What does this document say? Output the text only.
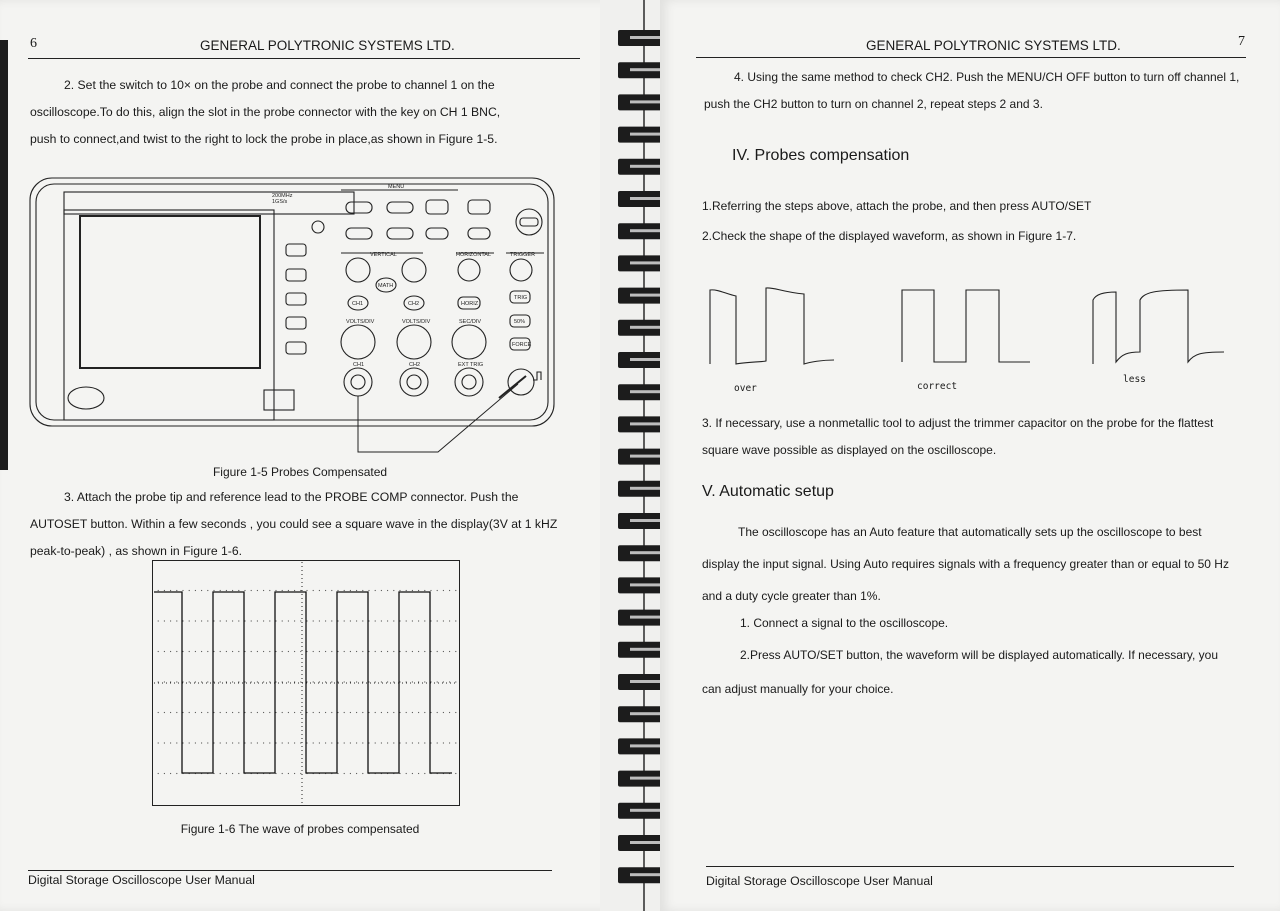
6	GENERAL POLYTRONIC SYSTEMS LTD.
2. Set the switch to 10× on the probe and connect the probe to channel 1 on the
oscilloscope.To do this, align the slot in the probe connector with the key on CH 1 BNC,
push to connect,and twist to the right to lock the probe in place,as shown in Figure 1-5.
200MHz
1GS/s
MENU
VERTICAL	HORIZONTAL	TRIGGER
CH1	CH2
MATH
HORIZ
TRIG
VOLTS/DIV	VOLTS/DIV	SEC/DIV	50%
FORCE
CH1	CH2	EXT TRIG
Figure 1-5 Probes Compensated
3. Attach the probe tip and reference lead to the PROBE COMP connector. Push the
AUTOSET button. Within a few seconds , you could see a square wave in the display(3V at 1 kHZ
peak-to-peak) , as shown in Figure 1-6.
Figure 1-6 The wave of probes compensated
Digital Storage Oscilloscope User Manual
GENERAL POLYTRONIC SYSTEMS LTD.	7
4. Using the same method to check CH2. Push the MENU/CH OFF button to turn off channel 1,
push the CH2 button to turn on channel 2, repeat steps 2 and 3.
IV. Probes compensation
1.Referring the steps above, attach the probe, and then press AUTO/SET
2.Check the shape of the displayed waveform, as shown in Figure 1-7.
over	correct
less
3. If necessary, use a nonmetallic tool to adjust the trimmer capacitor on the probe for the flattest
square wave possible as displayed on the oscilloscope.
V. Automatic setup
The oscilloscope has an Auto feature that automatically sets up the oscilloscope to best
display the input signal. Using Auto requires signals with a frequency greater than or equal to 50 Hz
and a duty cycle greater than 1%.
1. Connect a signal to the oscilloscope.
2.Press AUTO/SET button, the waveform will be displayed automatically. If necessary, you
can adjust manually for your choice.
Digital Storage Oscilloscope User Manual
